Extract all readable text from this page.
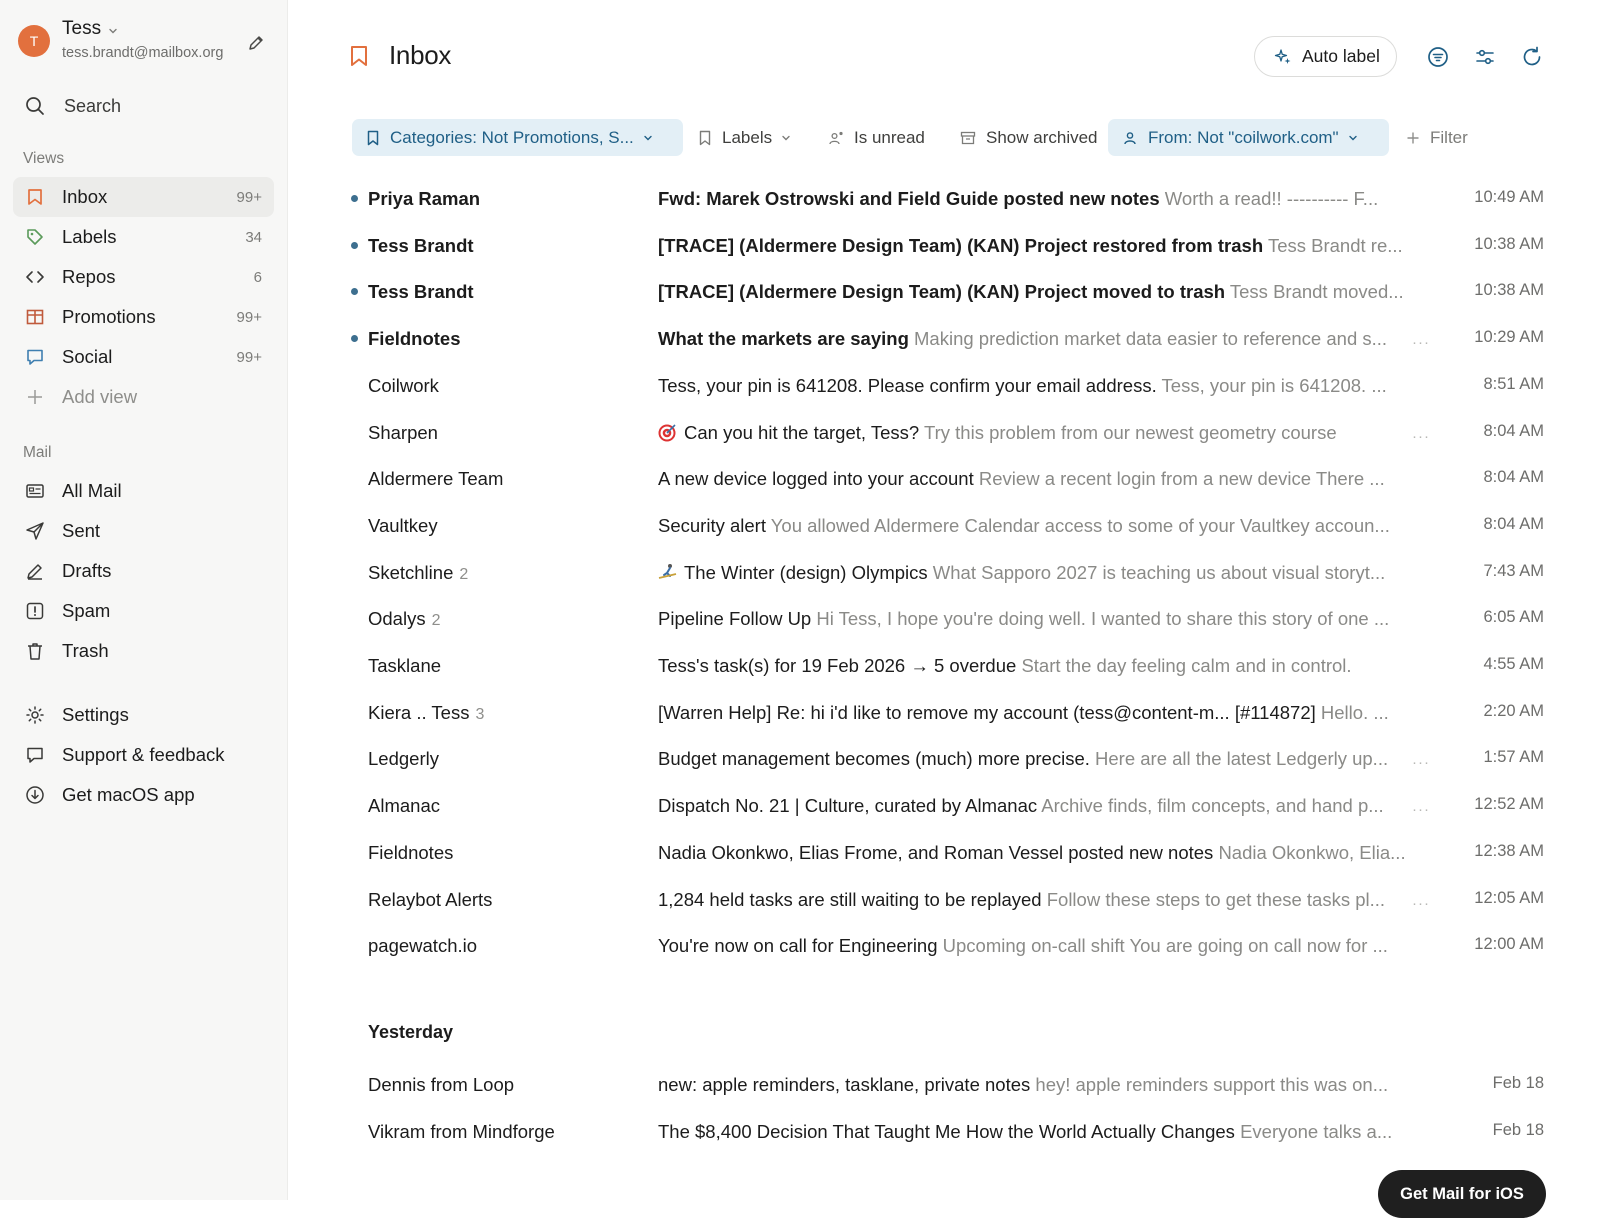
T
Tess
tess.brandt@mailbox.org
Search
Views
Inbox	99+
Labels	34
Repos	6
Promotions	99+
Social	99+
Add view
Mail
All Mail
Sent
Drafts
Spam
Trash
Settings
Support & feedback
Get macOS app
Inbox	Auto label
Categories: Not Promotions, S...	Labels	Is unread	Show archived	From: Not "coilwork.com"	Filter
Priya Raman	Fwd: Marek Ostrowski and Field Guide posted new notes Worth a read!! ---------- F...	10:49 AM
Tess Brandt	[TRACE] (Aldermere Design Team) (KAN) Project restored from trash Tess Brandt re...	10:38 AM
Tess Brandt	[TRACE] (Aldermere Design Team) (KAN) Project moved to trash Tess Brandt moved...	10:38 AM
Fieldnotes	What the markets are saying Making prediction market data easier to reference and s... ···	10:29 AM
Coilwork	Tess, your pin is 641208. Please confirm your email address. Tess, your pin is 641208. ...	8:51 AM
Sharpen	Can you hit the target, Tess? Try this problem from our newest geometry course	···	8:04 AM
Aldermere Team	A new device logged into your account Review a recent login from a new device There ...	8:04 AM
Vaultkey	Security alert You allowed Aldermere Calendar access to some of your Vaultkey accoun...	8:04 AM
Sketchline 2	The Winter (design) Olympics What Sapporo 2027 is teaching us about visual storyt...	7:43 AM
Odalys 2	Pipeline Follow Up Hi Tess, I hope you're doing well. I wanted to share this story of one ...	6:05 AM
Tasklane	Tess's task(s) for 19 Feb 2026 → 5 overdue Start the day feeling calm and in control.	4:55 AM
Kiera .. Tess 3	[Warren Help] Re: hi i'd like to remove my account (tess@content-m... [#114872] Hello. ...	2:20 AM
Ledgerly	Budget management becomes (much) more precise. Here are all the latest Ledgerly up... ···	1:57 AM
Almanac	Dispatch No. 21 | Culture, curated by Almanac Archive finds, film concepts, and hand p... ···	12:52 AM
Fieldnotes	Nadia Okonkwo, Elias Frome, and Roman Vessel posted new notes Nadia Okonkwo, Elia...	12:38 AM
Relaybot Alerts	1,284 held tasks are still waiting to be replayed Follow these steps to get these tasks pl... ···	12:05 AM
pagewatch.io	You're now on call for Engineering Upcoming on-call shift You are going on call now for ...	12:00 AM
Dennis from Loop	new: apple reminders, tasklane, private notes hey! apple reminders support this was on...	Feb 18
Vikram from Mindforge	The $8,400 Decision That Taught Me How the World Actually Changes Everyone talks a...	Feb 18
Yesterday
Get Mail for iOS
